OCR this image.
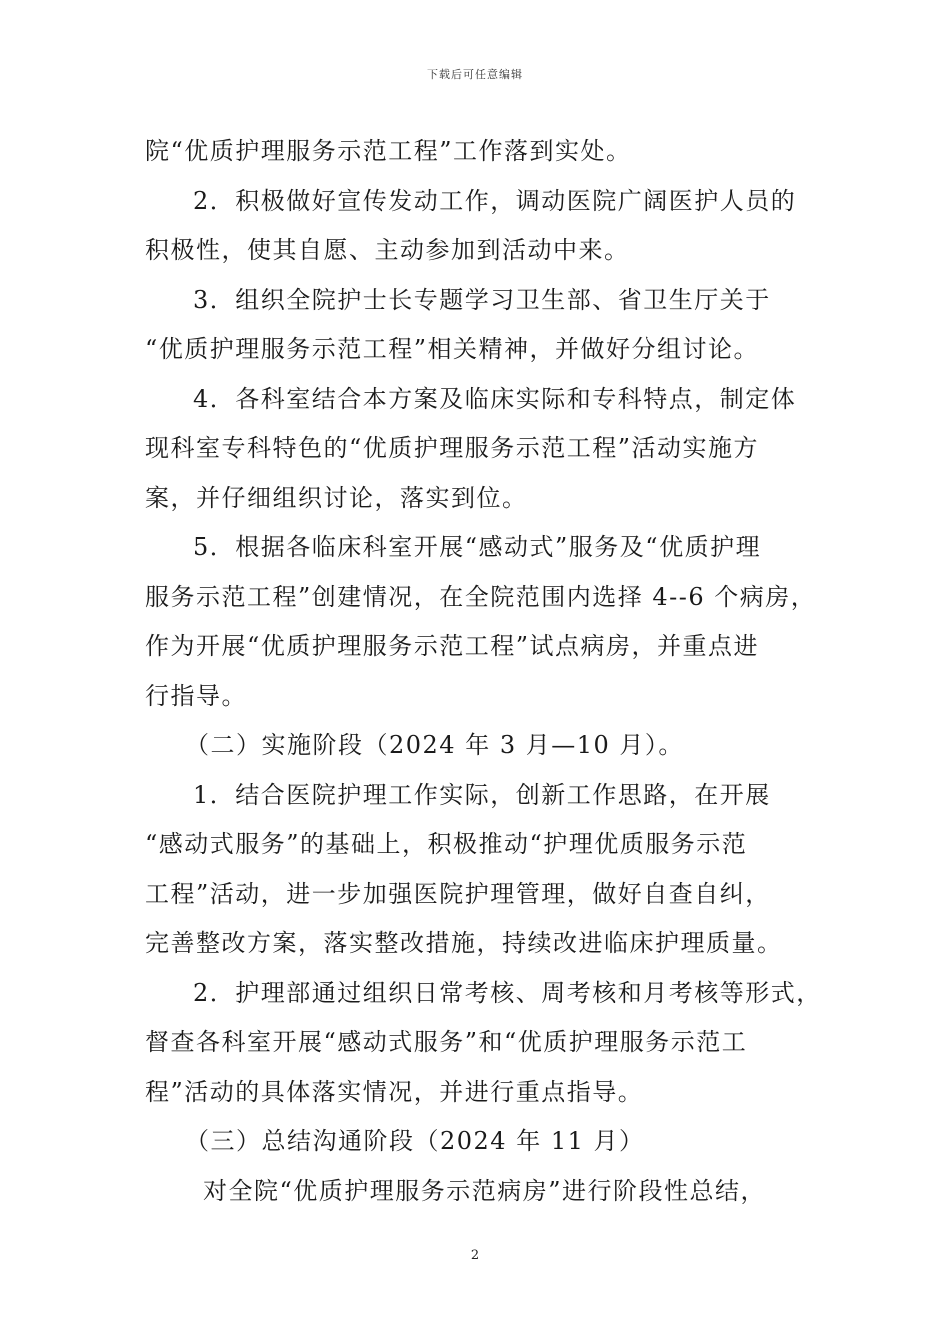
下载后可任意编辑
院“优质护理服务示范工程”工作落到实处。
2．积极做好宣传发动工作，调动医院广阔医护人员的
积极性，使其自愿、主动参加到活动中来。
3．组织全院护士长专题学习卫生部、省卫生厅关于
“优质护理服务示范工程”相关精神，并做好分组讨论。
4．各科室结合本方案及临床实际和专科特点，制定体
现科室专科特色的“优质护理服务示范工程”活动实施方
案，并仔细组织讨论，落实到位。
5．根据各临床科室开展“感动式”服务及“优质护理
服务示范工程”创建情况，在全院范围内选择 4--6 个病房，
作为开展“优质护理服务示范工程”试点病房，并重点进
行指导。
（二）实施阶段（2024 年 3 月—10 月）。
1．结合医院护理工作实际，创新工作思路，在开展
“感动式服务”的基础上，积极推动“护理优质服务示范
工程”活动，进一步加强医院护理管理，做好自查自纠，
完善整改方案，落实整改措施，持续改进临床护理质量。
2．护理部通过组织日常考核、周考核和月考核等形式，
督查各科室开展“感动式服务”和“优质护理服务示范工
程”活动的具体落实情况，并进行重点指导。
（三）总结沟通阶段（2024 年 11 月）
对全院“优质护理服务示范病房”进行阶段性总结，
2
